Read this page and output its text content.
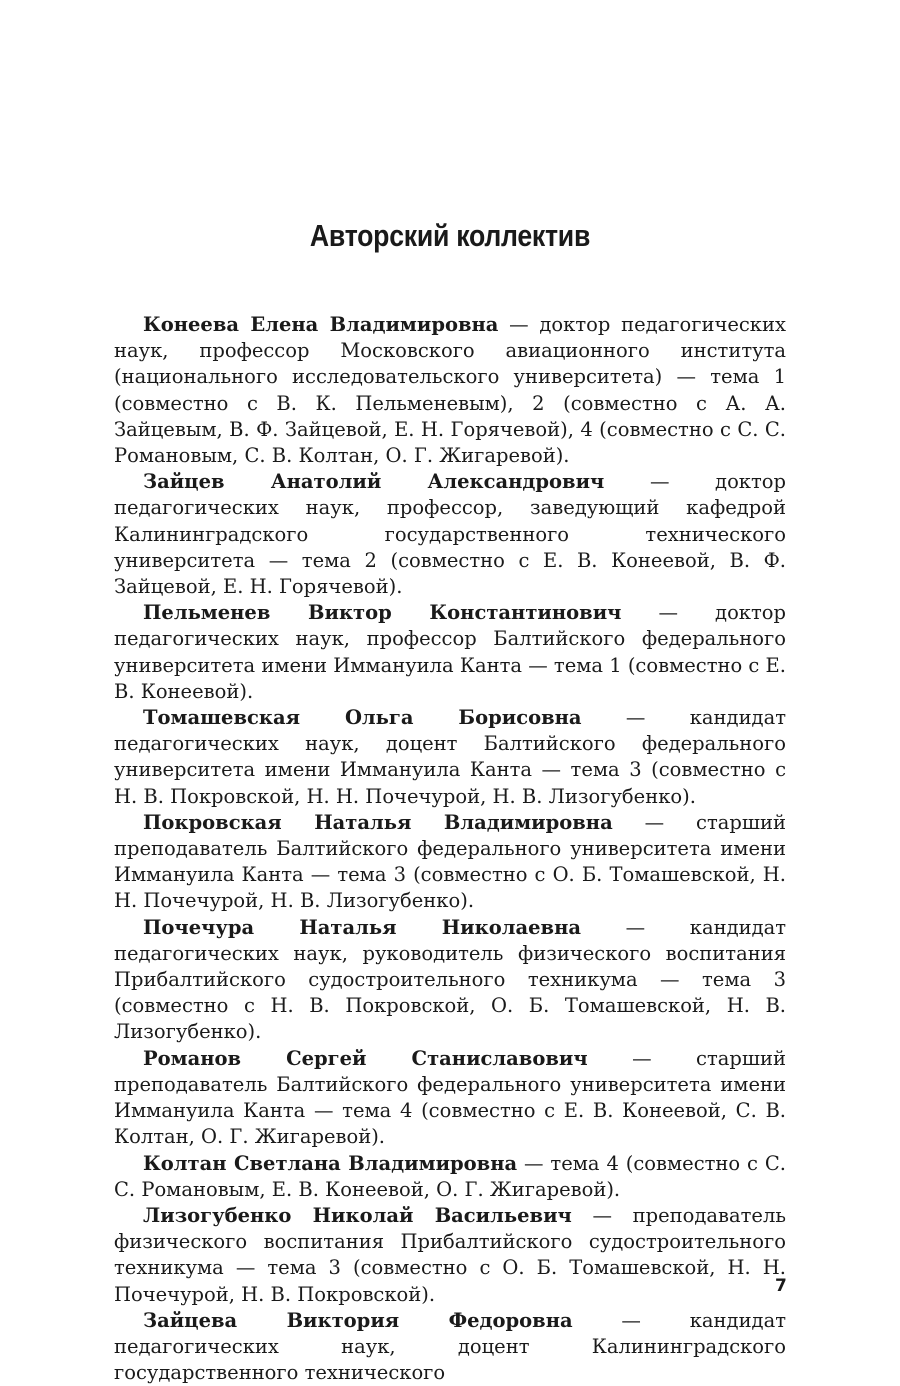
Авторский коллектив

Конеева Елена Владимировна — доктор педагогических наук, профессор Московского авиационного института (национального исследовательского университета) — тема 1 (совместно с В. К. Пельменевым), 2 (совместно с А. А. Зайцевым, В. Ф. Зайцевой, Е. Н. Горячевой), 4 (совместно с С. С. Романовым, С. В. Колтан, О. Г. Жигаревой).

Зайцев Анатолий Александрович — доктор педагогических наук, профессор, заведующий кафедрой Калининградского государственного технического университета — тема 2 (совместно с Е. В. Конеевой, В. Ф. Зайцевой, Е. Н. Горячевой).

Пельменев Виктор Константинович — доктор педагогических наук, профессор Балтийского федерального университета имени Иммануила Канта — тема 1 (совместно с Е. В. Конеевой).

Томашевская Ольга Борисовна — кандидат педагогических наук, доцент Балтийского федерального университета имени Иммануила Канта — тема 3 (совместно с Н. В. Покровской, Н. Н. Почечурой, Н. В. Лизогубенко).

Покровская Наталья Владимировна — старший преподаватель Балтийского федерального университета имени Иммануила Канта — тема 3 (совместно с О. Б. Томашевской, Н. Н. Почечурой, Н. В. Лизогубенко).

Почечура Наталья Николаевна — кандидат педагогических наук, руководитель физического воспитания Прибалтийского судостроительного техникума — тема 3 (совместно с Н. В. Покровской, О. Б. Томашевской, Н. В. Лизогубенко).

Романов Сергей Станиславович — старший преподаватель Балтийского федерального университета имени Иммануила Канта — тема 4 (совместно с Е. В. Конеевой, С. В. Колтан, О. Г. Жигаревой).

Колтан Светлана Владимировна — тема 4 (совместно с С. С. Романовым, Е. В. Конеевой, О. Г. Жигаревой).

Лизогубенко Николай Васильевич — преподаватель физического воспитания Прибалтийского судостроительного техникума — тема 3 (совместно с О. Б. Томашевской, Н. Н. Почечурой, Н. В. Покровской).

Зайцева Виктория Федоровна — кандидат педагогических наук, доцент Калининградского государственного технического

7
